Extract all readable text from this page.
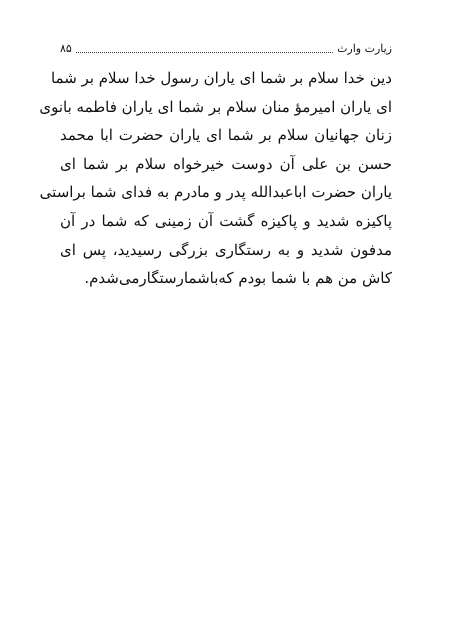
زیارت وارث
۸۵
دین خدا سلام بر شما ای یاران رسول خدا سلام بر شما
ای یاران امیرمؤ منان سلام بر شما ای یاران فاطمه بانوی
زنان جهانیان سلام بر شما ای یاران حضرت ابا محمد
حسن بن علی آن دوست خیرخواه سلام بر شما ای
یاران حضرت اباعبدالله پدر و مادرم به فدای شما براستی
پاکیزه شدید و پاکیزه گشت آن زمینی که شما در آن
مدفون شدید و به رستگاری بزرگی رسیدید، پس ای
کاش من هم با شما بودم که‌باشمارستگارمی‌شدم.
